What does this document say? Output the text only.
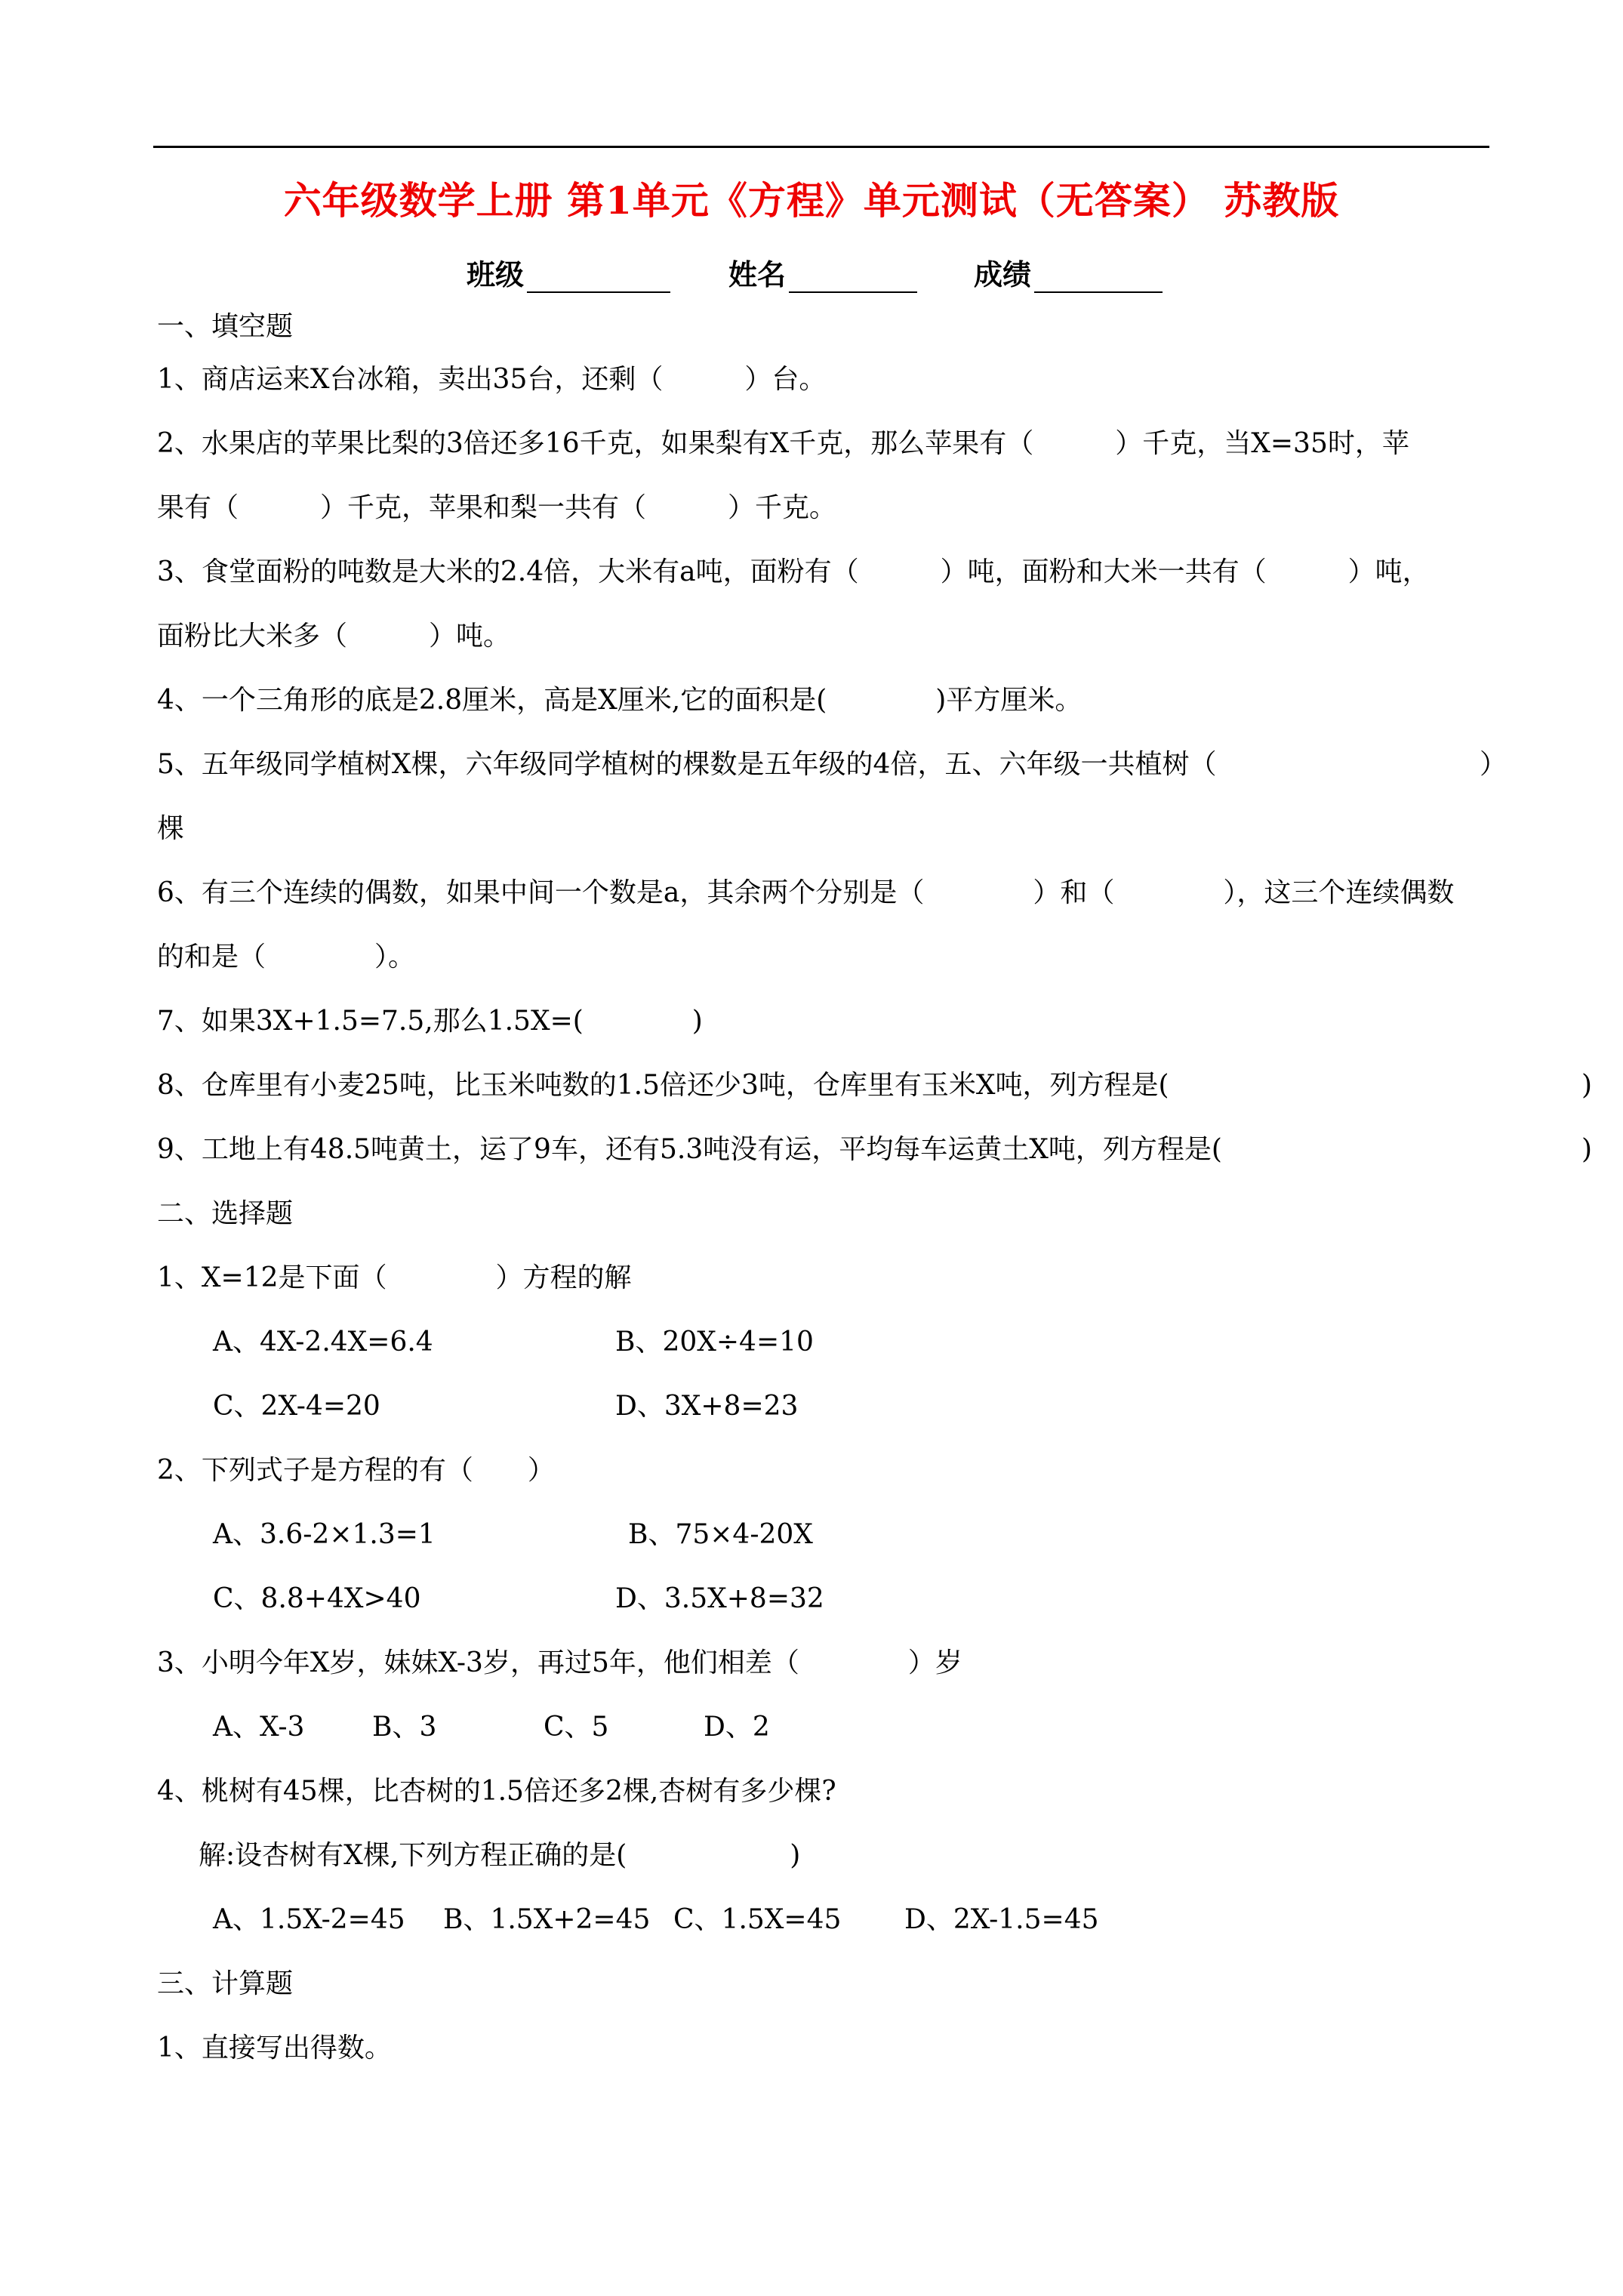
六年级数学上册 第1单元《方程》单元测试（无答案） 苏教版
班级	姓名	成绩
一、填空题
1、商店运来X台冰箱，卖出35台，还剩（　　　）台。
2、水果店的苹果比梨的3倍还多16千克，如果梨有X千克，那么苹果有（　　　）千克，当X=35时，苹
果有（　　　）千克，苹果和梨一共有（　　　）千克。
3、食堂面粉的吨数是大米的2.4倍，大米有a吨，面粉有（　　　）吨，面粉和大米一共有（　　　）吨，
面粉比大米多（　　　）吨。
4、一个三角形的底是2.8厘米，高是X厘米,它的面积是(　　　　)平方厘米。
5、五年级同学植树X棵，六年级同学植树的棵数是五年级的4倍，五、六年级一共植树（	）
棵
6、有三个连续的偶数，如果中间一个数是a，其余两个分别是（　　　　）和（　　　　），这三个连续偶数
的和是（　　　　）。
7、如果3X+1.5=7.5,那么1.5X=(　　　　)
8、仓库里有小麦25吨，比玉米吨数的1.5倍还少3吨，仓库里有玉米X吨，列方程是(	)
9、工地上有48.5吨黄土，运了9车，还有5.3吨没有运，平均每车运黄土X吨，列方程是(	)
二、选择题
1、X=12是下面（　　　　）方程的解
A、4X-2.4X=6.4	B、20X÷4=10
C、2X-4=20	D、3X+8=23
2、下列式子是方程的有（　　）
A、3.6-2×1.3=1	B、75×4-20X
C、8.8+4X>40	D、3.5X+8=32
3、小明今年X岁，妹妹X-3岁，再过5年，他们相差（　　　　）岁
A、X-3 B、3	C、5	D、2
4、桃树有45棵，比杏树的1.5倍还多2棵,杏树有多少棵?
解:设杏树有X棵,下列方程正确的是(　　　　　　)
A、1.5X-2=45 B、1.5X+2=45 C、1.5X=45 D、2X-1.5=45
三、计算题
1、直接写出得数。
